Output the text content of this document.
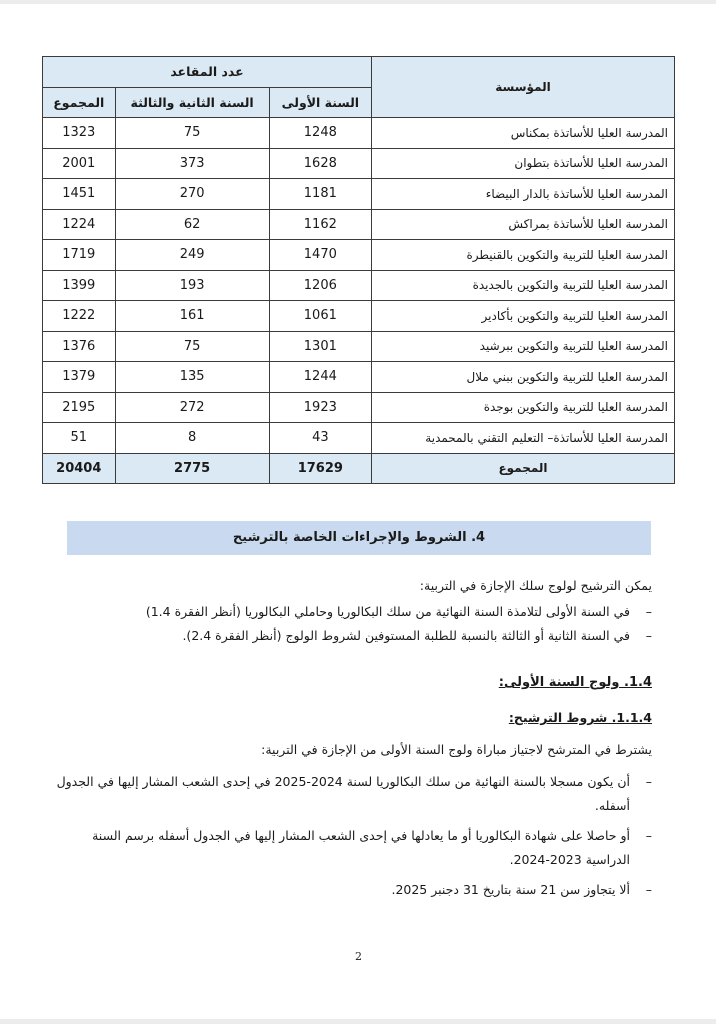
المؤسسة	عدد المقاعد		
	السنة الأولى	السنة الثانية والثالثة	المجموع
المدرسة العليا للأساتذة بمكناس	1248	75	1323
المدرسة العليا للأساتذة بتطوان	1628	373	2001
المدرسة العليا للأساتذة بالدار البيضاء	1181	270	1451
المدرسة العليا للأساتذة بمراكش	1162	62	1224
المدرسة العليا للتربية والتكوين بالقنيطرة	1470	249	1719
المدرسة العليا للتربية والتكوين بالجديدة	1206	193	1399
المدرسة العليا للتربية والتكوين بأكادير	1061	161	1222
المدرسة العليا للتربية والتكوين ببرشيد	1301	75	1376
المدرسة العليا للتربية والتكوين ببني ملال	1244	135	1379
المدرسة العليا للتربية والتكوين بوجدة	1923	272	2195
المدرسة العليا للأساتذة– التعليم التقني بالمحمدية	43	8	51
المجموع	17629	2775	20404
4. الشروط والإجراءات الخاصة بالترشيح
يمكن الترشيح لولوج سلك الإجازة في التربية:
–
في السنة الأولى لتلامذة السنة النهائية من سلك البكالوريا وحاملي البكالوريا (أنظر الفقرة 1.4)
–
في السنة الثانية أو الثالثة بالنسبة للطلبة المستوفين لشروط الولوج (أنظر الفقرة 2.4).
1.4. ولوج السنة الأولى:
1.1.4. شروط الترشيح:
يشترط في المترشح لاجتياز مباراة ولوج السنة الأولى من الإجازة في التربية:
–
أن يكون مسجلا بالسنة النهائية من سلك البكالوريا لسنة 2024-2025 في إحدى الشعب المشار إليها في الجدول أسفله.
–
أو حاصلا على شهادة البكالوريا أو ما يعادلها في إحدى الشعب المشار إليها في الجدول أسفله برسم السنة الدراسية 2023-2024.
–
ألا يتجاوز سن 21 سنة بتاريخ 31 دجنبر 2025.
2
